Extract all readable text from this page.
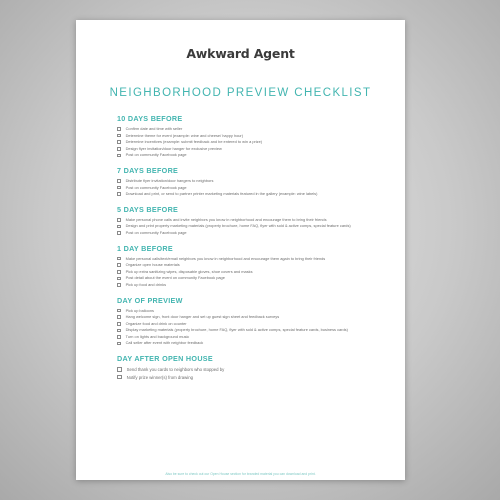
Awkward Agent
NEIGHBORHOOD PREVIEW CHECKLIST
10 DAYS BEFORE
Confirm date and time with seller
Determine theme for event (example: wine and cheese/ happy hour)
Determine incentives (example: submit feedback and be entered to win a prize)
Design flyer invitation/door hanger for exclusive preview
Post on community Facebook page
7 DAYS BEFORE
Distribute flyer invitation/door hangers to neighbors
Post on community Facebook page
Download and print, or send to partner printer marketing materials featured in the gallery (example: wine labels)
5 DAYS BEFORE
Make personal phone calls and invite neighbors you know in neighborhood and encourage them to bring their friends
Design and print property marketing materials (property brochure, home FAQ, flyer with sold & active comps, special feature cards)
Post on community Facebook page
1 DAY BEFORE
Make personal calls/text/email neighbors you know in neighborhood and encourage them again to bring their friends
Organize open house materials
Pick up extra sanitizing wipes, disposable gloves, shoe covers and masks
Post detail about the event on community Facebook page
Pick up food and drinks
DAY OF PREVIEW
Pick up balloons
Hang welcome sign, front door hanger and set up guest sign sheet and feedback surveys
Organize food and drink on counter
Display marketing materials (property brochure, home FAQ, flyer with sold & active comps, special feature cards, business cards)
Turn on lights and background music
Call seller after event with neighbor feedback
DAY AFTER OPEN HOUSE
Send thank you cards to neighbors who stopped by
Notify prize winner(s) from drawing
Also be sure to check out our Open House section for branded material you can download and print.
